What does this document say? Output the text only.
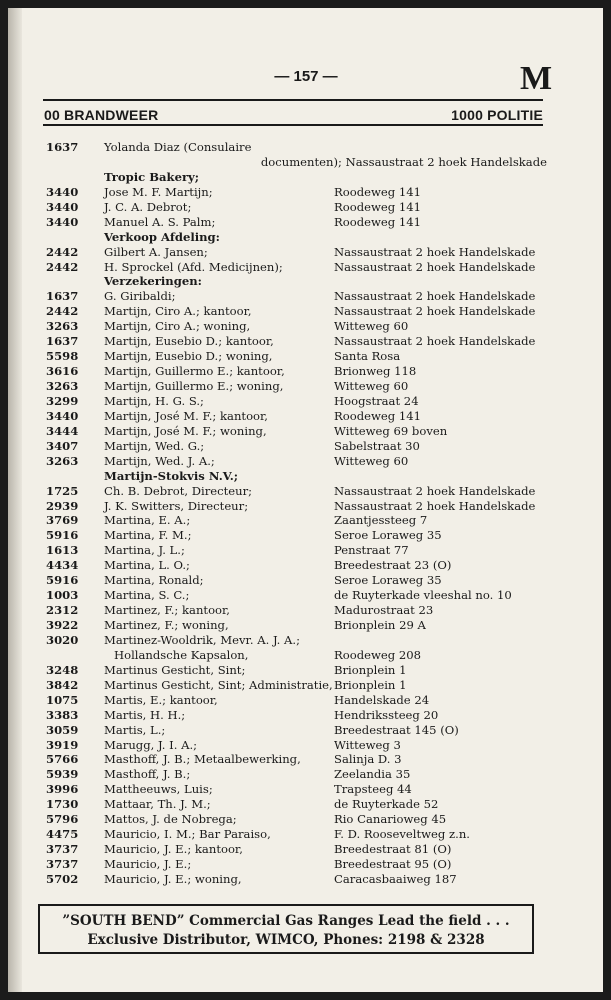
— 157 —	M
00 BRANDWEER	1000 POLITIE
1637	Yolanda Diaz (Consulaire
documenten); Nassaustraat 2 hoek Handelskade
Tropic Bakery;
3440	Jose M. F. Martijn;	Roodeweg 141
3440	J. C. A. Debrot;	Roodeweg 141
3440	Manuel A. S. Palm;	Roodeweg 141
Verkoop Afdeling:
2442	Gilbert A. Jansen;	Nassaustraat 2 hoek Handelskade
2442	H. Sprockel (Afd. Medicijnen);	Nassaustraat 2 hoek Handelskade
Verzekeringen:
1637	G. Giribaldi;	Nassaustraat 2 hoek Handelskade
2442	Martijn, Ciro A.; kantoor,	Nassaustraat 2 hoek Handelskade
3263	Martijn, Ciro A.; woning,	Witteweg 60
1637	Martijn, Eusebio D.; kantoor,	Nassaustraat 2 hoek Handelskade
5598	Martijn, Eusebio D.; woning,	Santa Rosa
3616	Martijn, Guillermo E.; kantoor,	Brionweg 118
3263	Martijn, Guillermo E.; woning,	Witteweg 60
3299	Martijn, H. G. S.;	Hoogstraat 24
3440	Martijn, José M. F.; kantoor,	Roodeweg 141
3444	Martijn, José M. F.; woning,	Witteweg 69 boven
3407	Martijn, Wed. G.;	Sabelstraat 30
3263	Martijn, Wed. J. A.;	Witteweg 60
Martijn-Stokvis N.V.;
1725	Ch. B. Debrot, Directeur;	Nassaustraat 2 hoek Handelskade
2939	J. K. Switters, Directeur;	Nassaustraat 2 hoek Handelskade
3769	Martina, E. A.;	Zaantjessteeg 7
5916	Martina, F. M.;	Seroe Loraweg 35
1613	Martina, J. L.;	Penstraat 77
4434	Martina, L. O.;	Breedestraat 23 (O)
5916	Martina, Ronald;	Seroe Loraweg 35
1003	Martina, S. C.;	de Ruyterkade vleeshal no. 10
2312	Martinez, F.; kantoor,	Madurostraat 23
3922	Martinez, F.; woning,	Brionplein 29 A
3020	Martinez-Wooldrik, Mevr. A. J. A.;
Hollandsche Kapsalon,	Roodeweg 208
3248	Martinus Gesticht, Sint;	Brionplein 1
3842	Martinus Gesticht, Sint; Administratie, Brionplein 1
1075	Martis, E.; kantoor,	Handelskade 24
3383	Martis, H. H.;	Hendrikssteeg 20
3059	Martis, L.;	Breedestraat 145 (O)
3919	Marugg, J. I. A.;	Witteweg 3
5766	Masthoff, J. B.; Metaalbewerking,	Salinja D. 3
5939	Masthoff, J. B.;	Zeelandia 35
3996	Mattheeuws, Luis;	Trapsteeg 44
1730	Mattaar, Th. J. M.;	de Ruyterkade 52
5796	Mattos, J. de Nobrega;	Rio Canarioweg 45
4475	Mauricio, I. M.; Bar Paraiso,	F. D. Rooseveltweg z.n.
3737	Mauricio, J. E.; kantoor,	Breedestraat 81 (O)
3737	Mauricio, J. E.;	Breedestraat 95 (O)
5702	Mauricio, J. E.; woning,	Caracasbaaiweg 187
”SOUTH BEND” Commercial Gas Ranges Lead the field . . .
Exclusive Distributor, WIMCO, Phones: 2198 & 2328
